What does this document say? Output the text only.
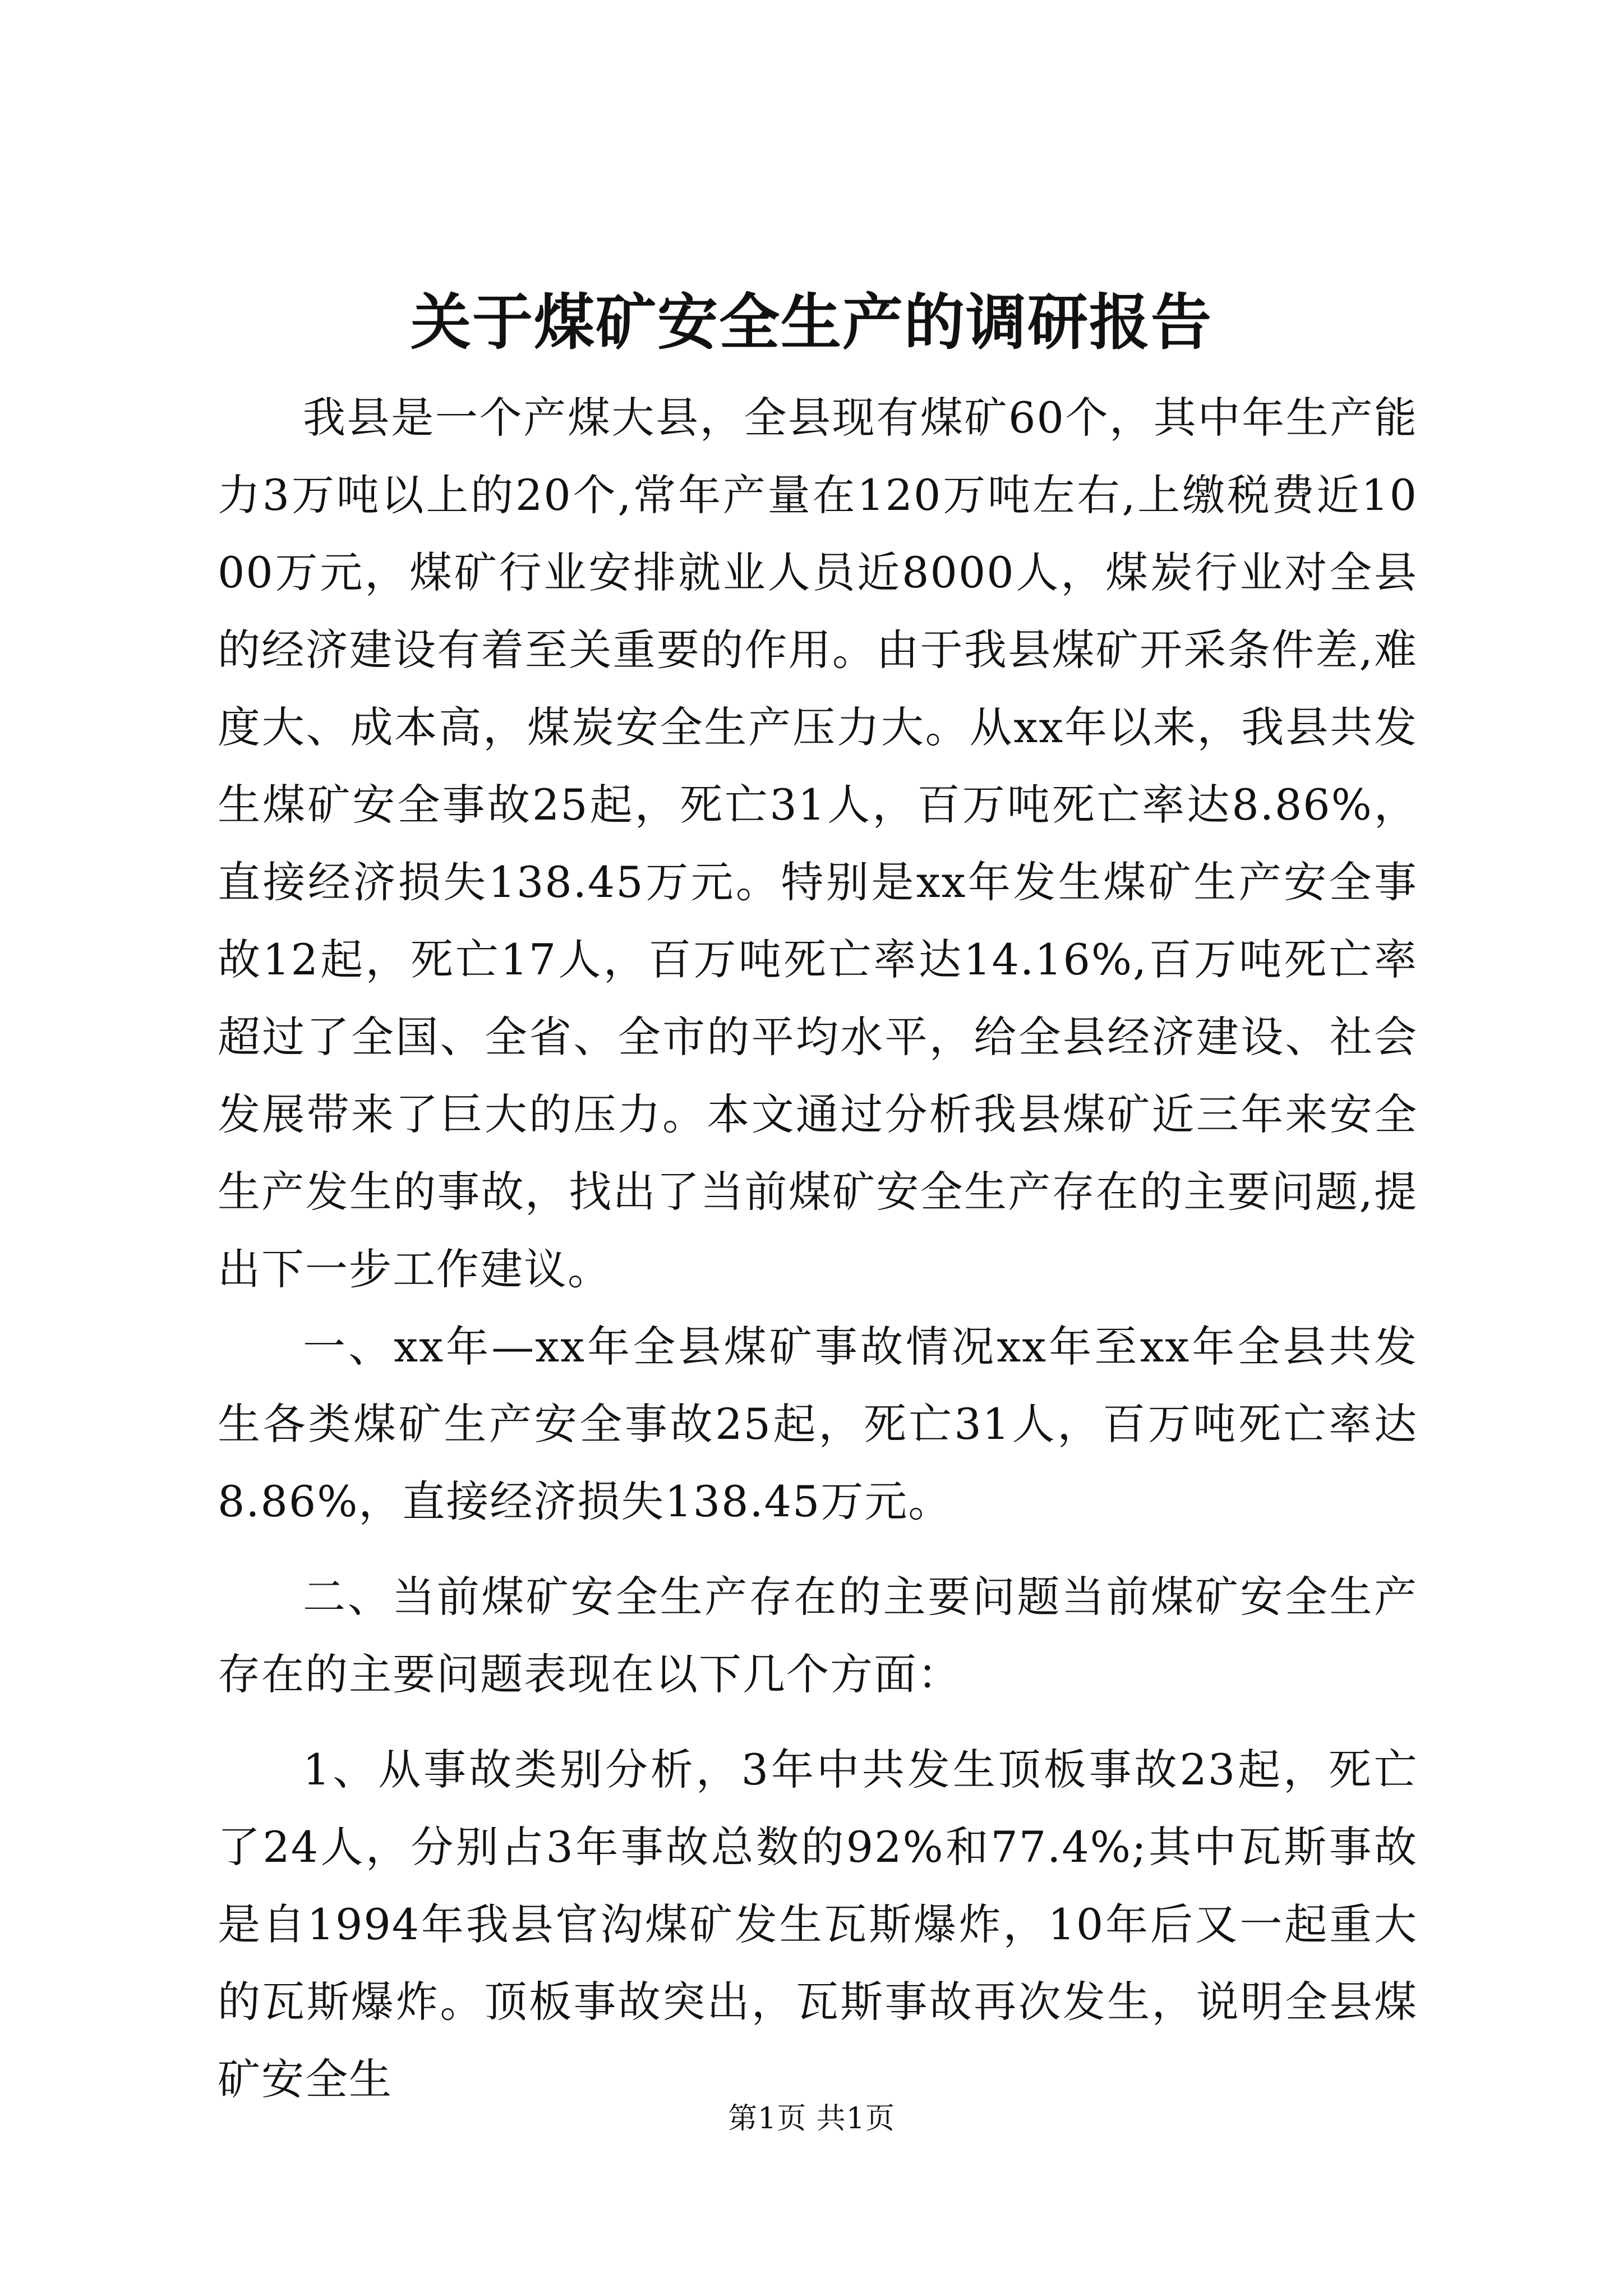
关于煤矿安全生产的调研报告

我县是一个产煤大县，全县现有煤矿60个，其中年生产能力3万吨以上的20个,常年产量在120万吨左右,上缴税费近1000万元，煤矿行业安排就业人员近8000人，煤炭行业对全县的经济建设有着至关重要的作用。由于我县煤矿开采条件差,难度大、成本高，煤炭安全生产压力大。从xx年以来，我县共发生煤矿安全事故25起，死亡31人，百万吨死亡率达8.86%，直接经济损失138.45万元。特别是xx年发生煤矿生产安全事故12起，死亡17人，百万吨死亡率达14.16%,百万吨死亡率超过了全国、全省、全市的平均水平，给全县经济建设、社会发展带来了巨大的压力。本文通过分析我县煤矿近三年来安全生产发生的事故，找出了当前煤矿安全生产存在的主要问题,提出下一步工作建议。

一、xx年—xx年全县煤矿事故情况xx年至xx年全县共发生各类煤矿生产安全事故25起，死亡31人，百万吨死亡率达8.86%，直接经济损失138.45万元。

二、当前煤矿安全生产存在的主要问题当前煤矿安全生产存在的主要问题表现在以下几个方面：

1、从事故类别分析，3年中共发生顶板事故23起，死亡了24人，分别占3年事故总数的92%和77.4%;其中瓦斯事故是自1994年我县官沟煤矿发生瓦斯爆炸，10年后又一起重大的瓦斯爆炸。顶板事故突出，瓦斯事故再次发生，说明全县煤矿安全生

第1页 共1页
